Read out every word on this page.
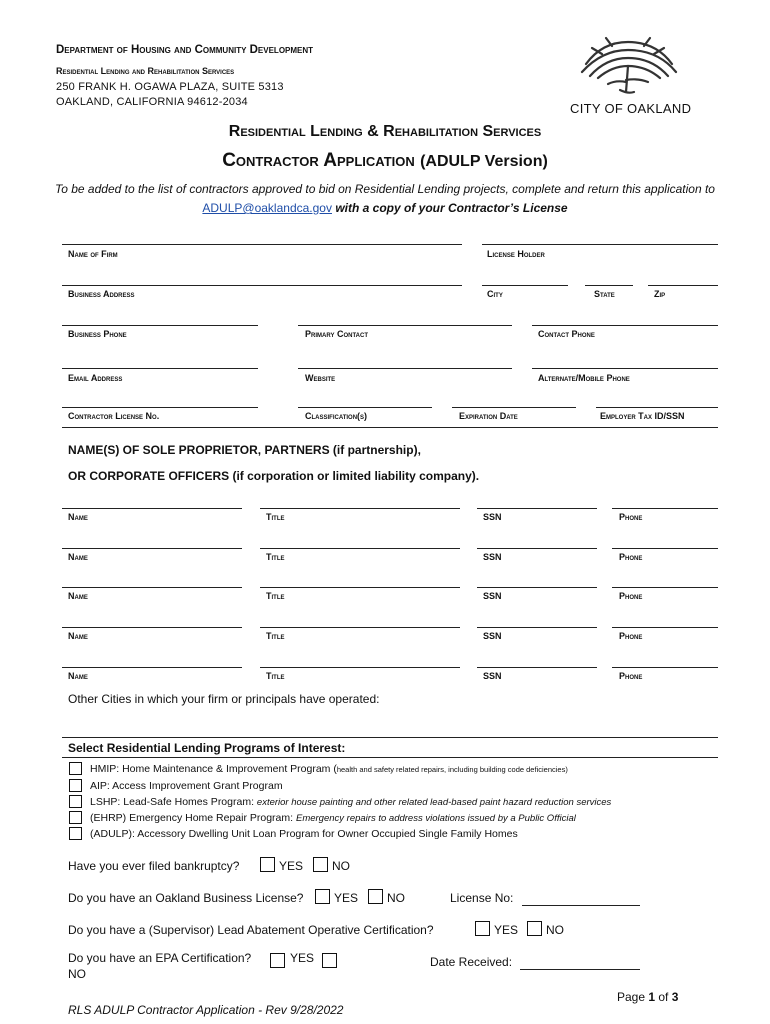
Department of Housing and Community Development
Residential Lending and Rehabilitation Services
250 FRANK H. OGAWA PLAZA, SUITE 5313
OAKLAND, CALIFORNIA 94612-2034	CITY OF OAKLAND
Residential Lending & Rehabilitation Services
Contractor Application (ADULP Version)
To be added to the list of contractors approved to bid on Residential Lending projects, complete and return this application to ADULP@oaklandca.gov with a copy of your Contractor’s License
Name of Firm	License Holder
Business Address	City	State	Zip
Business Phone	Primary Contact	Contact Phone
Email Address	Website	Alternate/Mobile Phone
Contractor License No.	Classification(s)	Expiration Date	Employer Tax ID/SSN
NAME(S) OF SOLE PROPRIETOR, PARTNERS (if partnership),
OR CORPORATE OFFICERS (if corporation or limited liability company).
Name	Title	SSN	Phone
Name	Title	SSN	Phone
Name	Title	SSN	Phone
Name	Title	SSN	Phone
Name	Title	SSN	Phone
Other Cities in which your firm or principals have operated:
Select Residential Lending Programs of Interest:
HMIP: Home Maintenance & Improvement Program (health and safety related repairs, including building code deficiencies)
AIP: Access Improvement Grant Program
LSHP: Lead-Safe Homes Program: exterior house painting and other related lead-based paint hazard reduction services
(EHRP) Emergency Home Repair Program: Emergency repairs to address violations issued by a Public Official
(ADULP): Accessory Dwelling Unit Loan Program for Owner Occupied Single Family Homes
Have you ever filed bankruptcy?	YES NO
Do you have an Oakland Business License?	YES NO	License No:
Do you have a (Supervisor) Lead Abatement Operative Certification?	YES NO
Do you have an EPA Certification?	YES
NO
Date Received:
Page 1 of 3
RLS ADULP Contractor Application - Rev 9/28/2022
